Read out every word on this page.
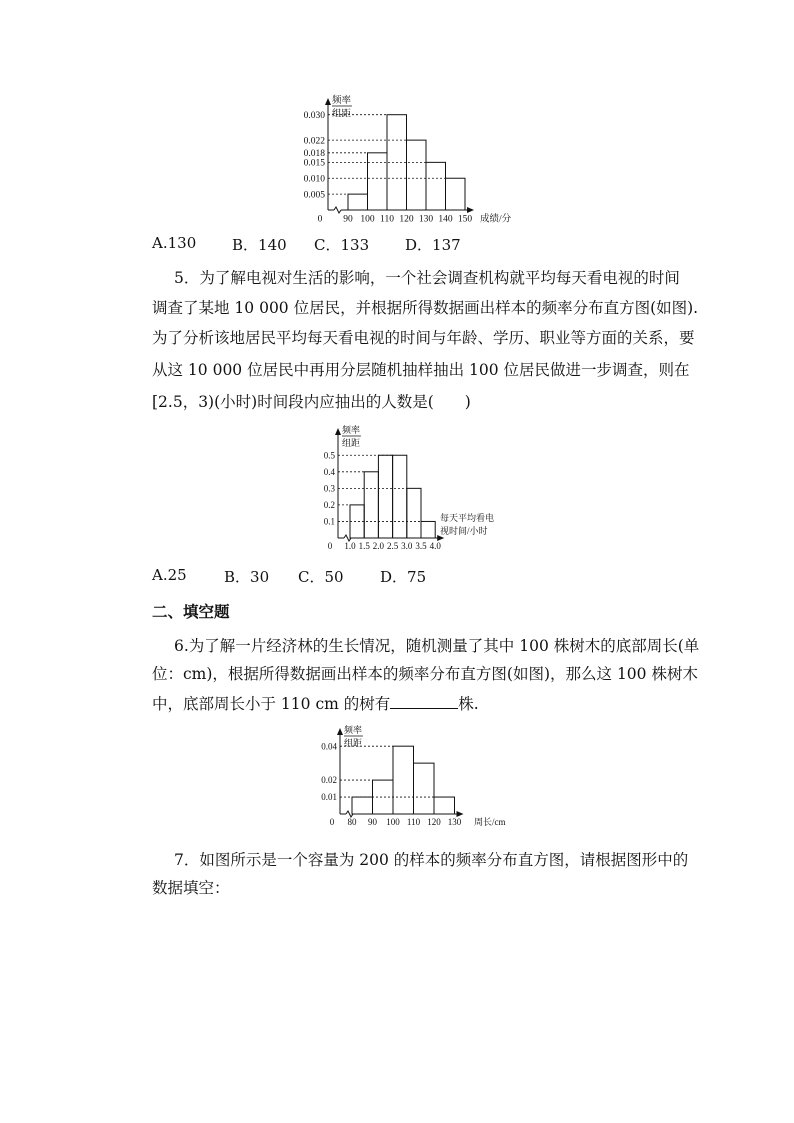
频率
组距
0
0.030
0.022
0.018
0.015
0.010
0.005
90 100 110 120 130 140 150 成绩/分
A.130 B．140 C．133 D．137
5．为了解电视对生活的影响，一个社会调查机构就平均每天看电视的时间
调查了某地 10 000 位居民，并根据所得数据画出样本的频率分布直方图(如图).
为了分析该地居民平均每天看电视的时间与年龄、学历、职业等方面的关系，要
从这 10 000 位居民中再用分层随机抽样抽出 100 位居民做进一步调查，则在
[2.5，3)(小时)时间段内应抽出的人数是(　　)
频率
组距
0
0.5
0.4
0.3
0.2
0.1
1.0 1.5 2.0 2.5 3.0 3.5 4.0
每天平均看电
视时间/小时
A.25 B．30 C．50 D．75
二、填空题
6.为了解一片经济林的生长情况，随机测量了其中 100 株树木的底部周长(单
位：cm)，根据所得数据画出样本的频率分布直方图(如图)，那么这 100 株树木
中，底部周长小于 110 cm 的树有	株.
频率
组距
0
0.04
0.02
0.01
80 90 100 110 120 130 周长/cm
7．如图所示是一个容量为 200 的样本的频率分布直方图，请根据图形中的
数据填空：
